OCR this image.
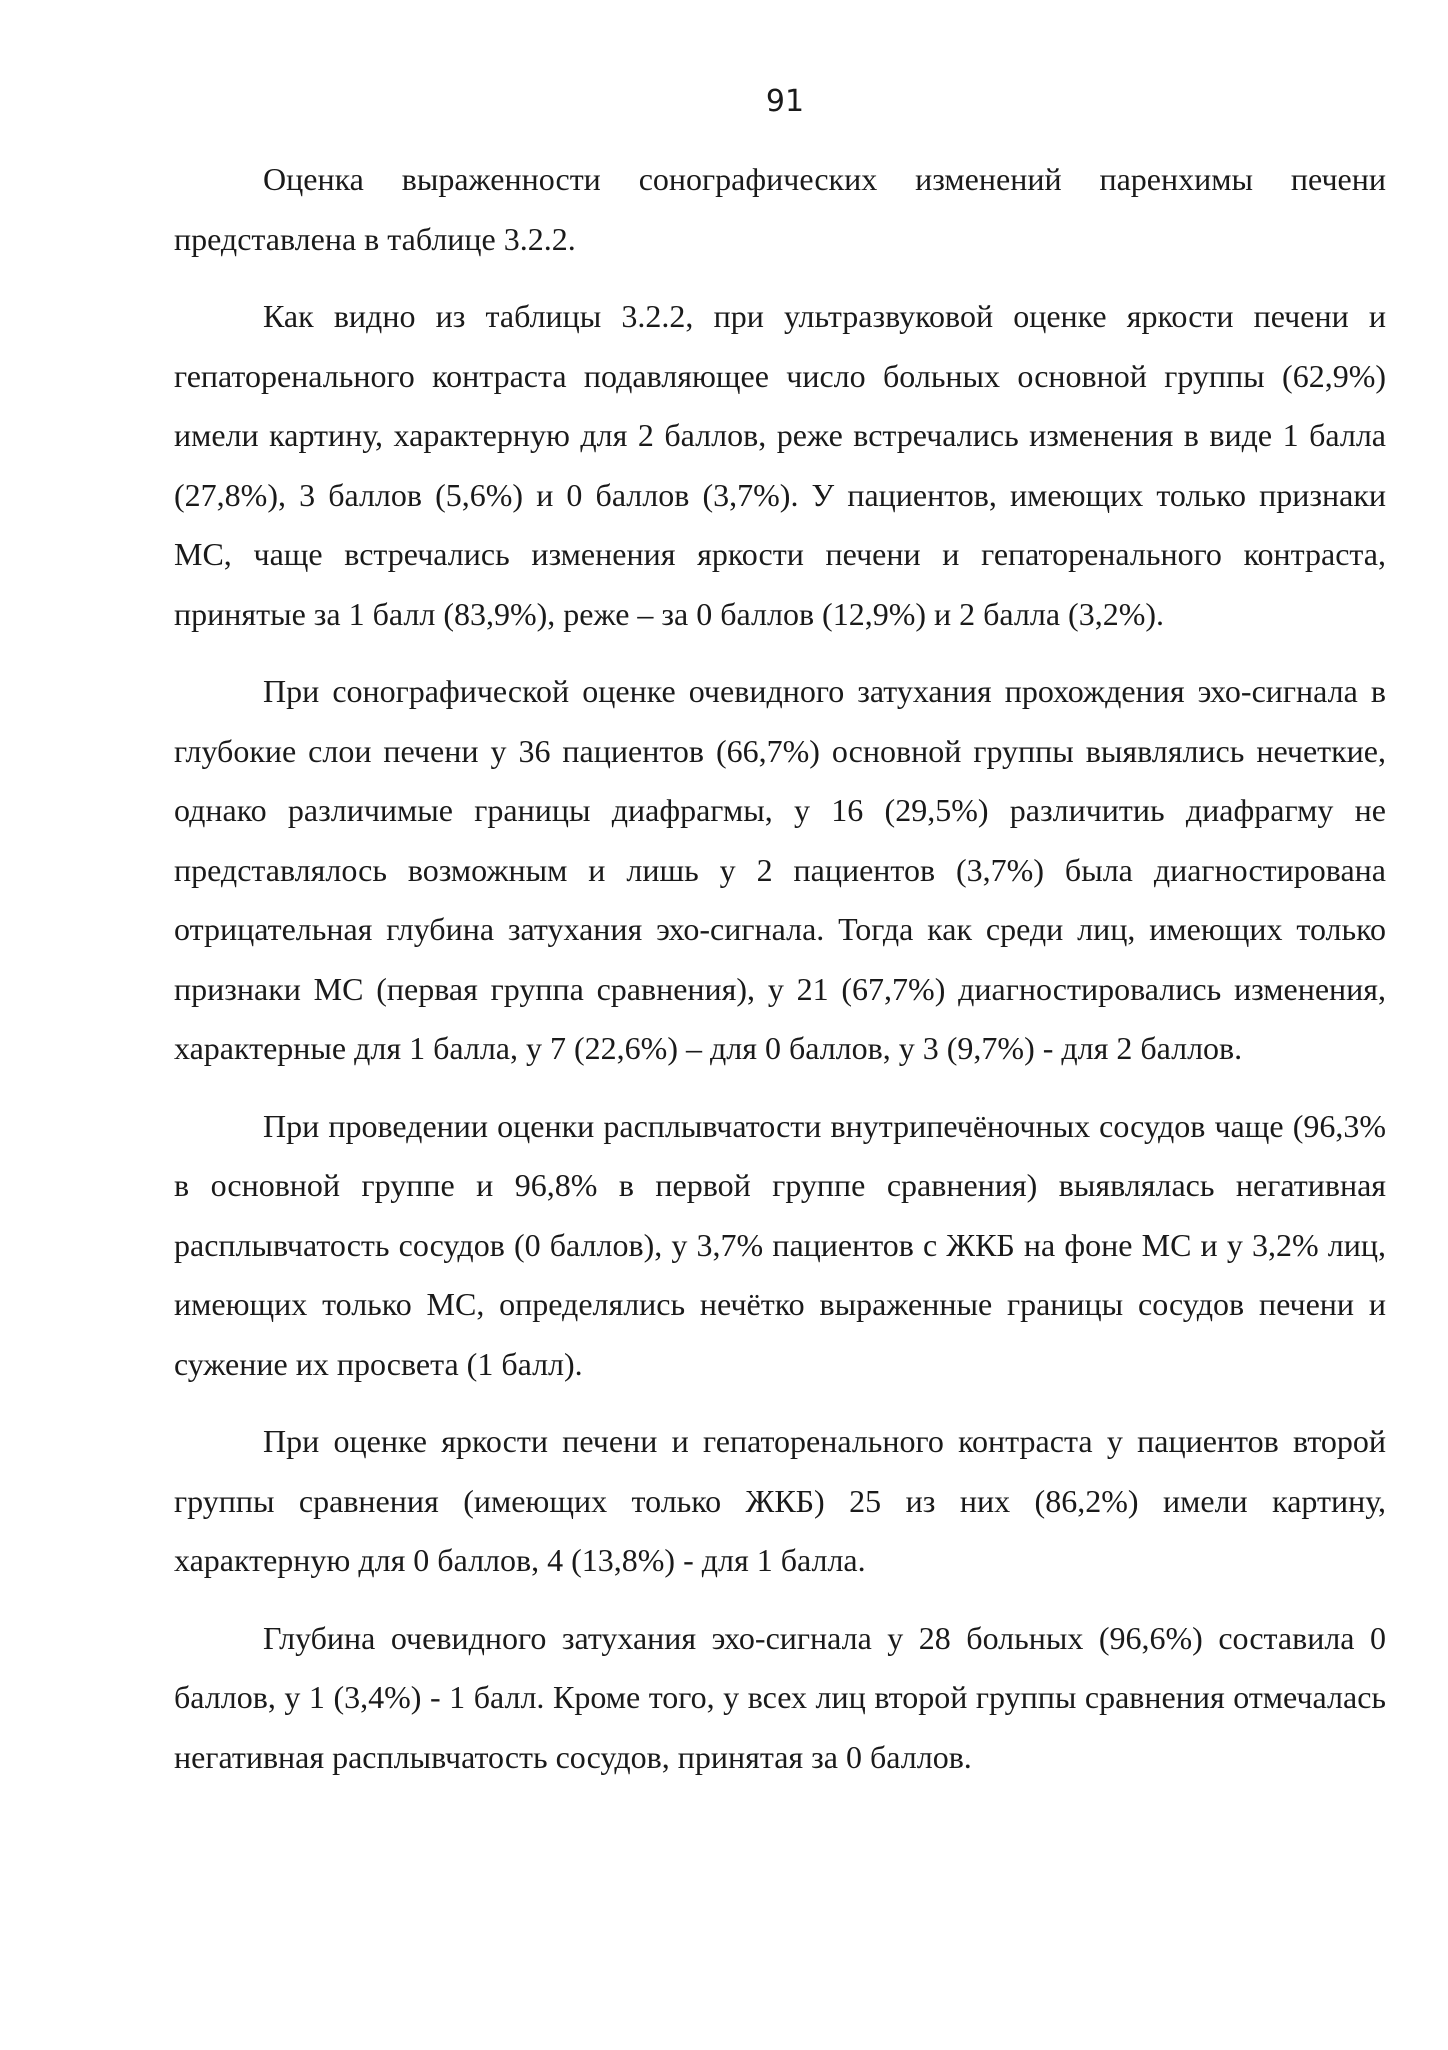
91

Оценка выраженности сонографических изменений паренхимы печени представлена в таблице 3.2.2.

Как видно из таблицы 3.2.2, при ультразвуковой оценке яркости печени и гепаторенального контраста подавляющее число больных основной группы (62,9%) имели картину, характерную для 2 баллов, реже встречались изменения в виде 1 балла (27,8%), 3 баллов (5,6%) и 0 баллов (3,7%). У пациентов, имеющих только признаки МС, чаще встречались изменения яркости печени и гепаторенального контраста, принятые за 1 балл (83,9%), реже – за 0 баллов (12,9%) и 2 балла (3,2%).

При сонографической оценке очевидного затухания прохождения эхо-сигнала в глубокие слои печени у 36 пациентов (66,7%) основной группы выявлялись нечеткие, однако различимые границы диафрагмы, у 16 (29,5%) различитиь диафрагму не представлялось возможным и лишь у 2 пациентов (3,7%) была диагностирована отрицательная глубина затухания эхо-сигнала. Тогда как среди лиц, имеющих только признаки МС (первая группа сравнения), у 21 (67,7%) диагностировались изменения, характерные для 1 балла, у 7 (22,6%) – для 0 баллов, у 3 (9,7%) - для 2 баллов.

При проведении оценки расплывчатости внутрипечёночных сосудов чаще (96,3% в основной группе и 96,8% в первой группе сравнения) выявлялась негативная расплывчатость сосудов (0 баллов), у 3,7% пациентов с ЖКБ на фоне МС и у 3,2% лиц, имеющих только МС, определялись нечётко выраженные границы сосудов печени и сужение их просвета (1 балл).

При оценке яркости печени и гепаторенального контраста у пациентов второй группы сравнения (имеющих только ЖКБ) 25 из них (86,2%) имели картину, характерную для 0 баллов, 4 (13,8%) - для 1 балла.

Глубина очевидного затухания эхо-сигнала у 28 больных (96,6%) составила 0 баллов, у 1 (3,4%) - 1 балл. Кроме того, у всех лиц второй группы сравнения отмечалась негативная расплывчатость сосудов, принятая за 0 баллов.
